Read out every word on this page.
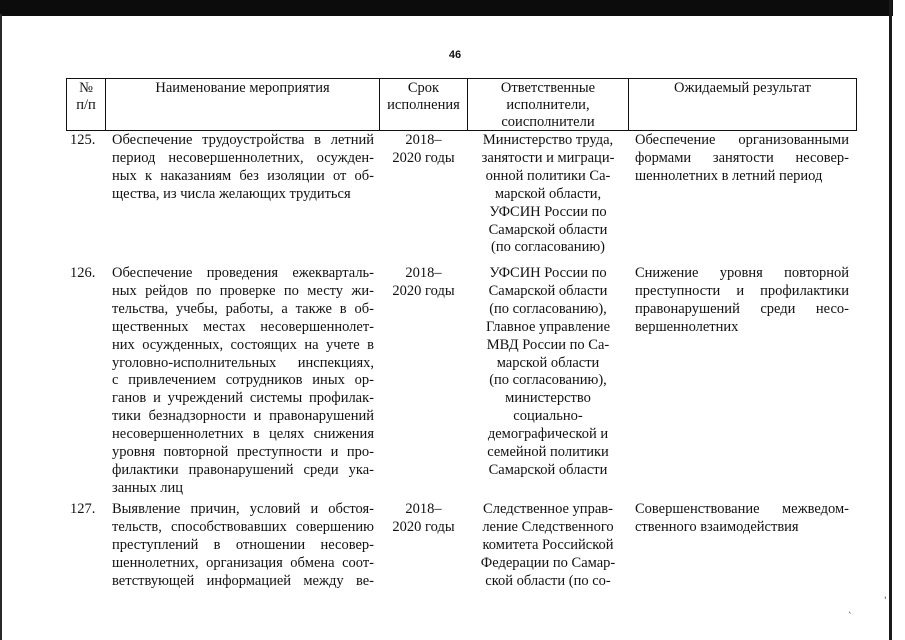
46
№
п/п
Наименование мероприятия	Срок
исполнения
Ответственные
исполнители,
соисполнители
Ожидаемый результат
125. Обеспечение трудоустройства в летний
период несовершеннолетних, осужден-
ных к наказаниям без изоляции от об-
щества, из числа желающих трудиться
2018–
2020 годы
Министерство труда,
занятости и миграци-
онной политики Са-
марской области,
УФСИН России по
Самарской области
(по согласованию)
Обеспечение организованными
формами занятости несовер-
шеннолетних в летний период
126. Обеспечение проведения ежекварталь-
ных рейдов по проверке по месту жи-
тельства, учебы, работы, а также в об-
щественных местах несовершеннолет-
них осужденных, состоящих на учете в
уголовно-исполнительных инспекциях,
с привлечением сотрудников иных ор-
ганов и учреждений системы профилак-
тики безнадзорности и правонарушений
несовершеннолетних в целях снижения
уровня повторной преступности и про-
филактики правонарушений среди ука-
занных лиц
2018–
2020 годы
УФСИН России по
Самарской области
(по согласованию),
Главное управление
МВД России по Са-
марской области
(по согласованию),
министерство
социально-
демографической и
семейной политики
Самарской области
Снижение уровня повторной
преступности и профилактики
правонарушений среди несо-
вершеннолетних
127. Выявление причин, условий и обстоя-
тельств, способствовавших совершению
преступлений в отношении несовер-
шеннолетних, организация обмена соот-
ветствующей информацией между ве-
2018–
2020 годы
Следственное управ-
ление Следственного
комитета Российской
Федерации по Самар-
ской области (по со-
Совершенствование межведом-
ственного взаимодействия
'
`
